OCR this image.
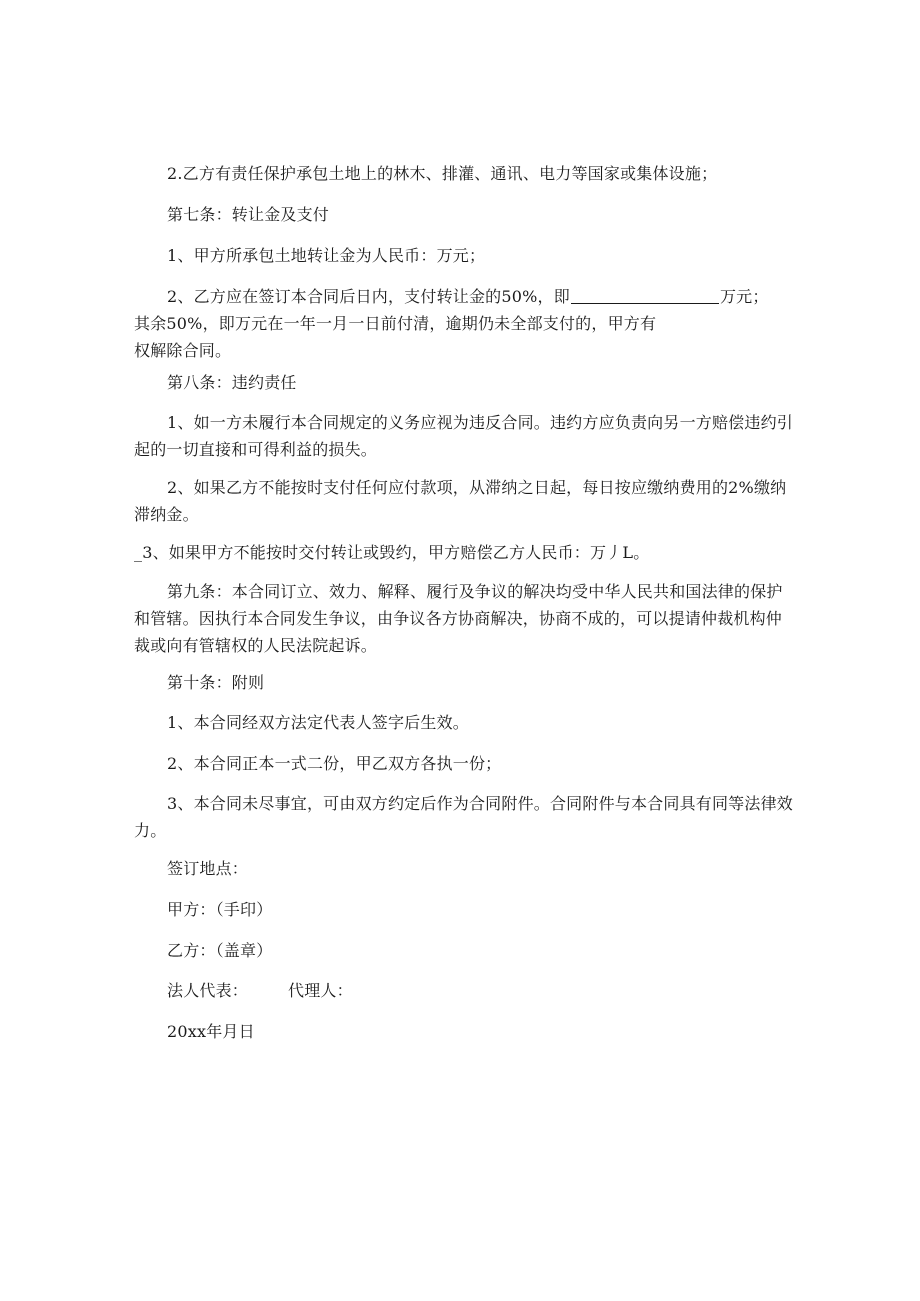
2.乙方有责任保护承包土地上的林木、排灌、通讯、电力等国家或集体设施；
第七条：转让金及支付
1、甲方所承包土地转让金为人民币：万元；
2、乙方应在签订本合同后日内，支付转让金的50%，即	万元；
其余50%，即万元在一年一月一日前付清，逾期仍未全部支付的，甲方有
权解除合同。
第八条：违约责任
1、如一方未履行本合同规定的义务应视为违反合同。违约方应负责向另一方赔偿违约引起的一切直接和可得利益的损失。
2、如果乙方不能按时支付任何应付款项，从滞纳之日起，每日按应缴纳费用的2%缴纳滞纳金。
_3、如果甲方不能按时交付转让或毁约，甲方赔偿乙方人民币：万丿L。
第九条：本合同订立、效力、解释、履行及争议的解决均受中华人民共和国法律的保护和管辖。因执行本合同发生争议，由争议各方协商解决，协商不成的，可以提请仲裁机构仲裁或向有管辖权的人民法院起诉。
第十条：附则
1、本合同经双方法定代表人签字后生效。
2、本合同正本一式二份，甲乙双方各执一份；
3、本合同未尽事宜，可由双方约定后作为合同附件。合同附件与本合同具有同等法律效力。
签订地点：
甲方：（手印）
乙方：（盖章）
法人代表：	代理人：
20xx年月日
